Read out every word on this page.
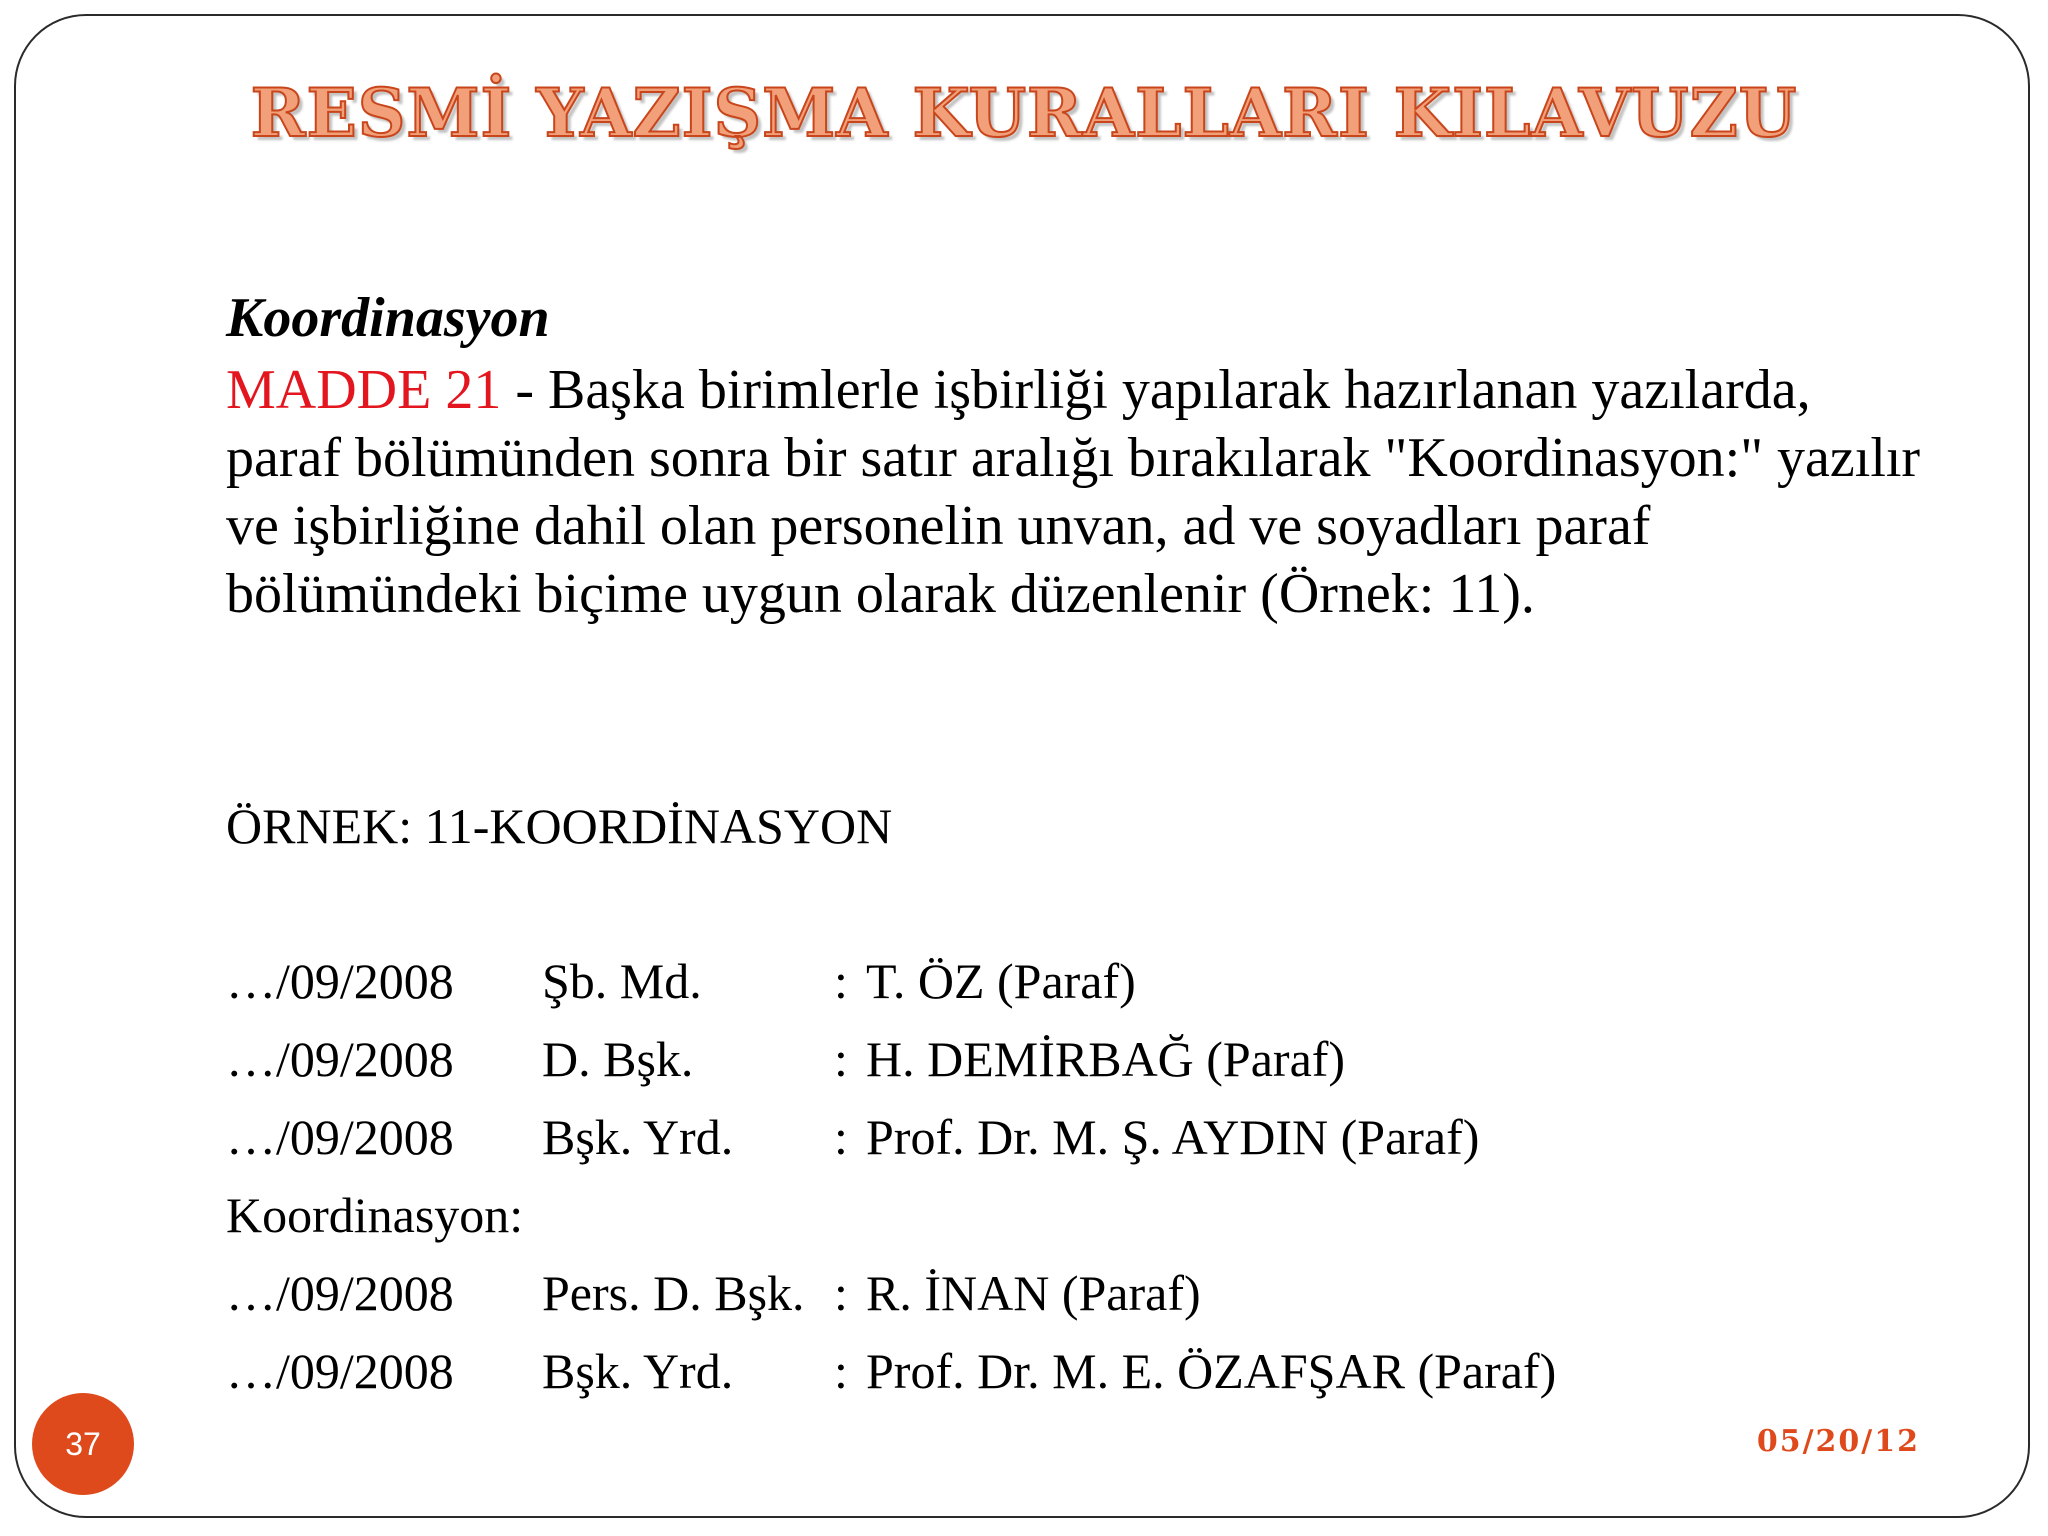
RESMİ YAZIŞMA KURALLARI KILAVUZU

Koordinasyon

MADDE 21 - Başka birimlerle işbirliği yapılarak hazırlanan yazılarda, paraf bölümünden sonra bir satır aralığı bırakılarak "Koordinasyon:" yazılır ve işbirliğine dahil olan personelin unvan, ad ve soyadları paraf bölümündeki biçime uygun olarak düzenlenir (Örnek: 11).

ÖRNEK: 11-KOORDİNASYON
…/09/2008 Şb. Md.	: T. ÖZ (Paraf)
…/09/2008 D. Bşk.	: H. DEMİRBAĞ (Paraf)
…/09/2008 Bşk. Yrd. : Prof. Dr. M. Ş. AYDIN (Paraf)
Koordinasyon:
…/09/2008 Pers. D. Bşk. : R. İNAN (Paraf)
…/09/2008 Bşk. Yrd. : Prof. Dr. M. E. ÖZAFŞAR (Paraf)
37	05/20/12
